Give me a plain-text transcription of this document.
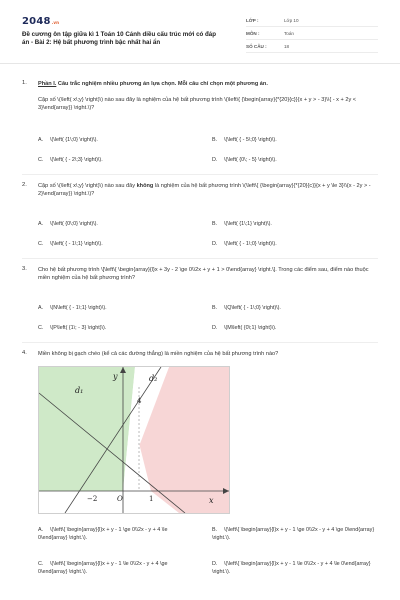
2048.vn
Đề cương ôn tập giữa kì 1 Toán 10 Cánh diều cấu trúc mới có đáp án - Bài 2: Hệ bất phương trình bậc nhất hai ẩn
LỚP :	Lớp 10
MÔN :	Toán
SỐ CÂU :	18
1. Phần I. Câu trắc nghiệm nhiều phương án lựa chọn. Mỗi câu chỉ chọn một phương án.
Cặp số \(\left( x\;y} \right)\) nào sau đây là nghiệm của hệ bất phương trình \(\left\{ {\begin{array}{*{20}{c}}{x + y > - 3}\\{ - x + 2y < 3}\end{array}} \right.\)?
A. \(\left( {1\;0} \right)\).	B. \(\left( { - 5\;0} \right)\).
C. \(\left( { - 2\;3} \right)\).	D. \(\left( {0\; - 5} \right)\).
2. Cặp số \(\left( x\;y} \right)\) nào sau đây không là nghiệm của hệ bất phương trình \(\left\{ {\begin{array}{*{20}{c}}{x + y \le 3}\\{x - 2y > - 2}\end{array}} \right.\)?
A. \(\left( {0\;0} \right)\).	B. \(\left( {1\;1} \right)\).
C. \(\left( { - 1\;1} \right)\).	D. \(\left( { - 1\;0} \right)\).
3. Cho hệ bất phương trình \[\left\{ \begin{array}{l}x + 3y - 2 \ge 0\\2x + y + 1 > 0\end{array} \right.\]. Trong các điểm sau, điểm nào thuộc miền nghiệm của hệ bất phương trình?
A. \(N\left( { - 1\;1} \right)\).	B. \(Q\left( { - 1\;0} \right)\).
C. \(P\left( {1\; - 3} \right)\).	D. \(M\left( {0\;1} \right)\).
4. Miền không bị gạch chéo (kể cả các đường thẳng) là miền nghiệm của hệ bất phương trình nào?
y
x
d₁
d₂
4
−2	O	1
A. \(\left\{ \begin{array}{l}x + y - 1 \ge 0\\2x - y + 4 \le 0\end{array} \right.\).
B. \(\left\{ \begin{array}{l}x + y - 1 \ge 0\\2x - y + 4 \ge 0\end{array} \right.\).
C. \(\left\{ \begin{array}{l}x + y - 1 \le 0\\2x - y + 4 \ge 0\end{array} \right.\).
D. \(\left\{ \begin{array}{l}x + y - 1 \le 0\\2x - y + 4 \le 0\end{array} \right.\).
